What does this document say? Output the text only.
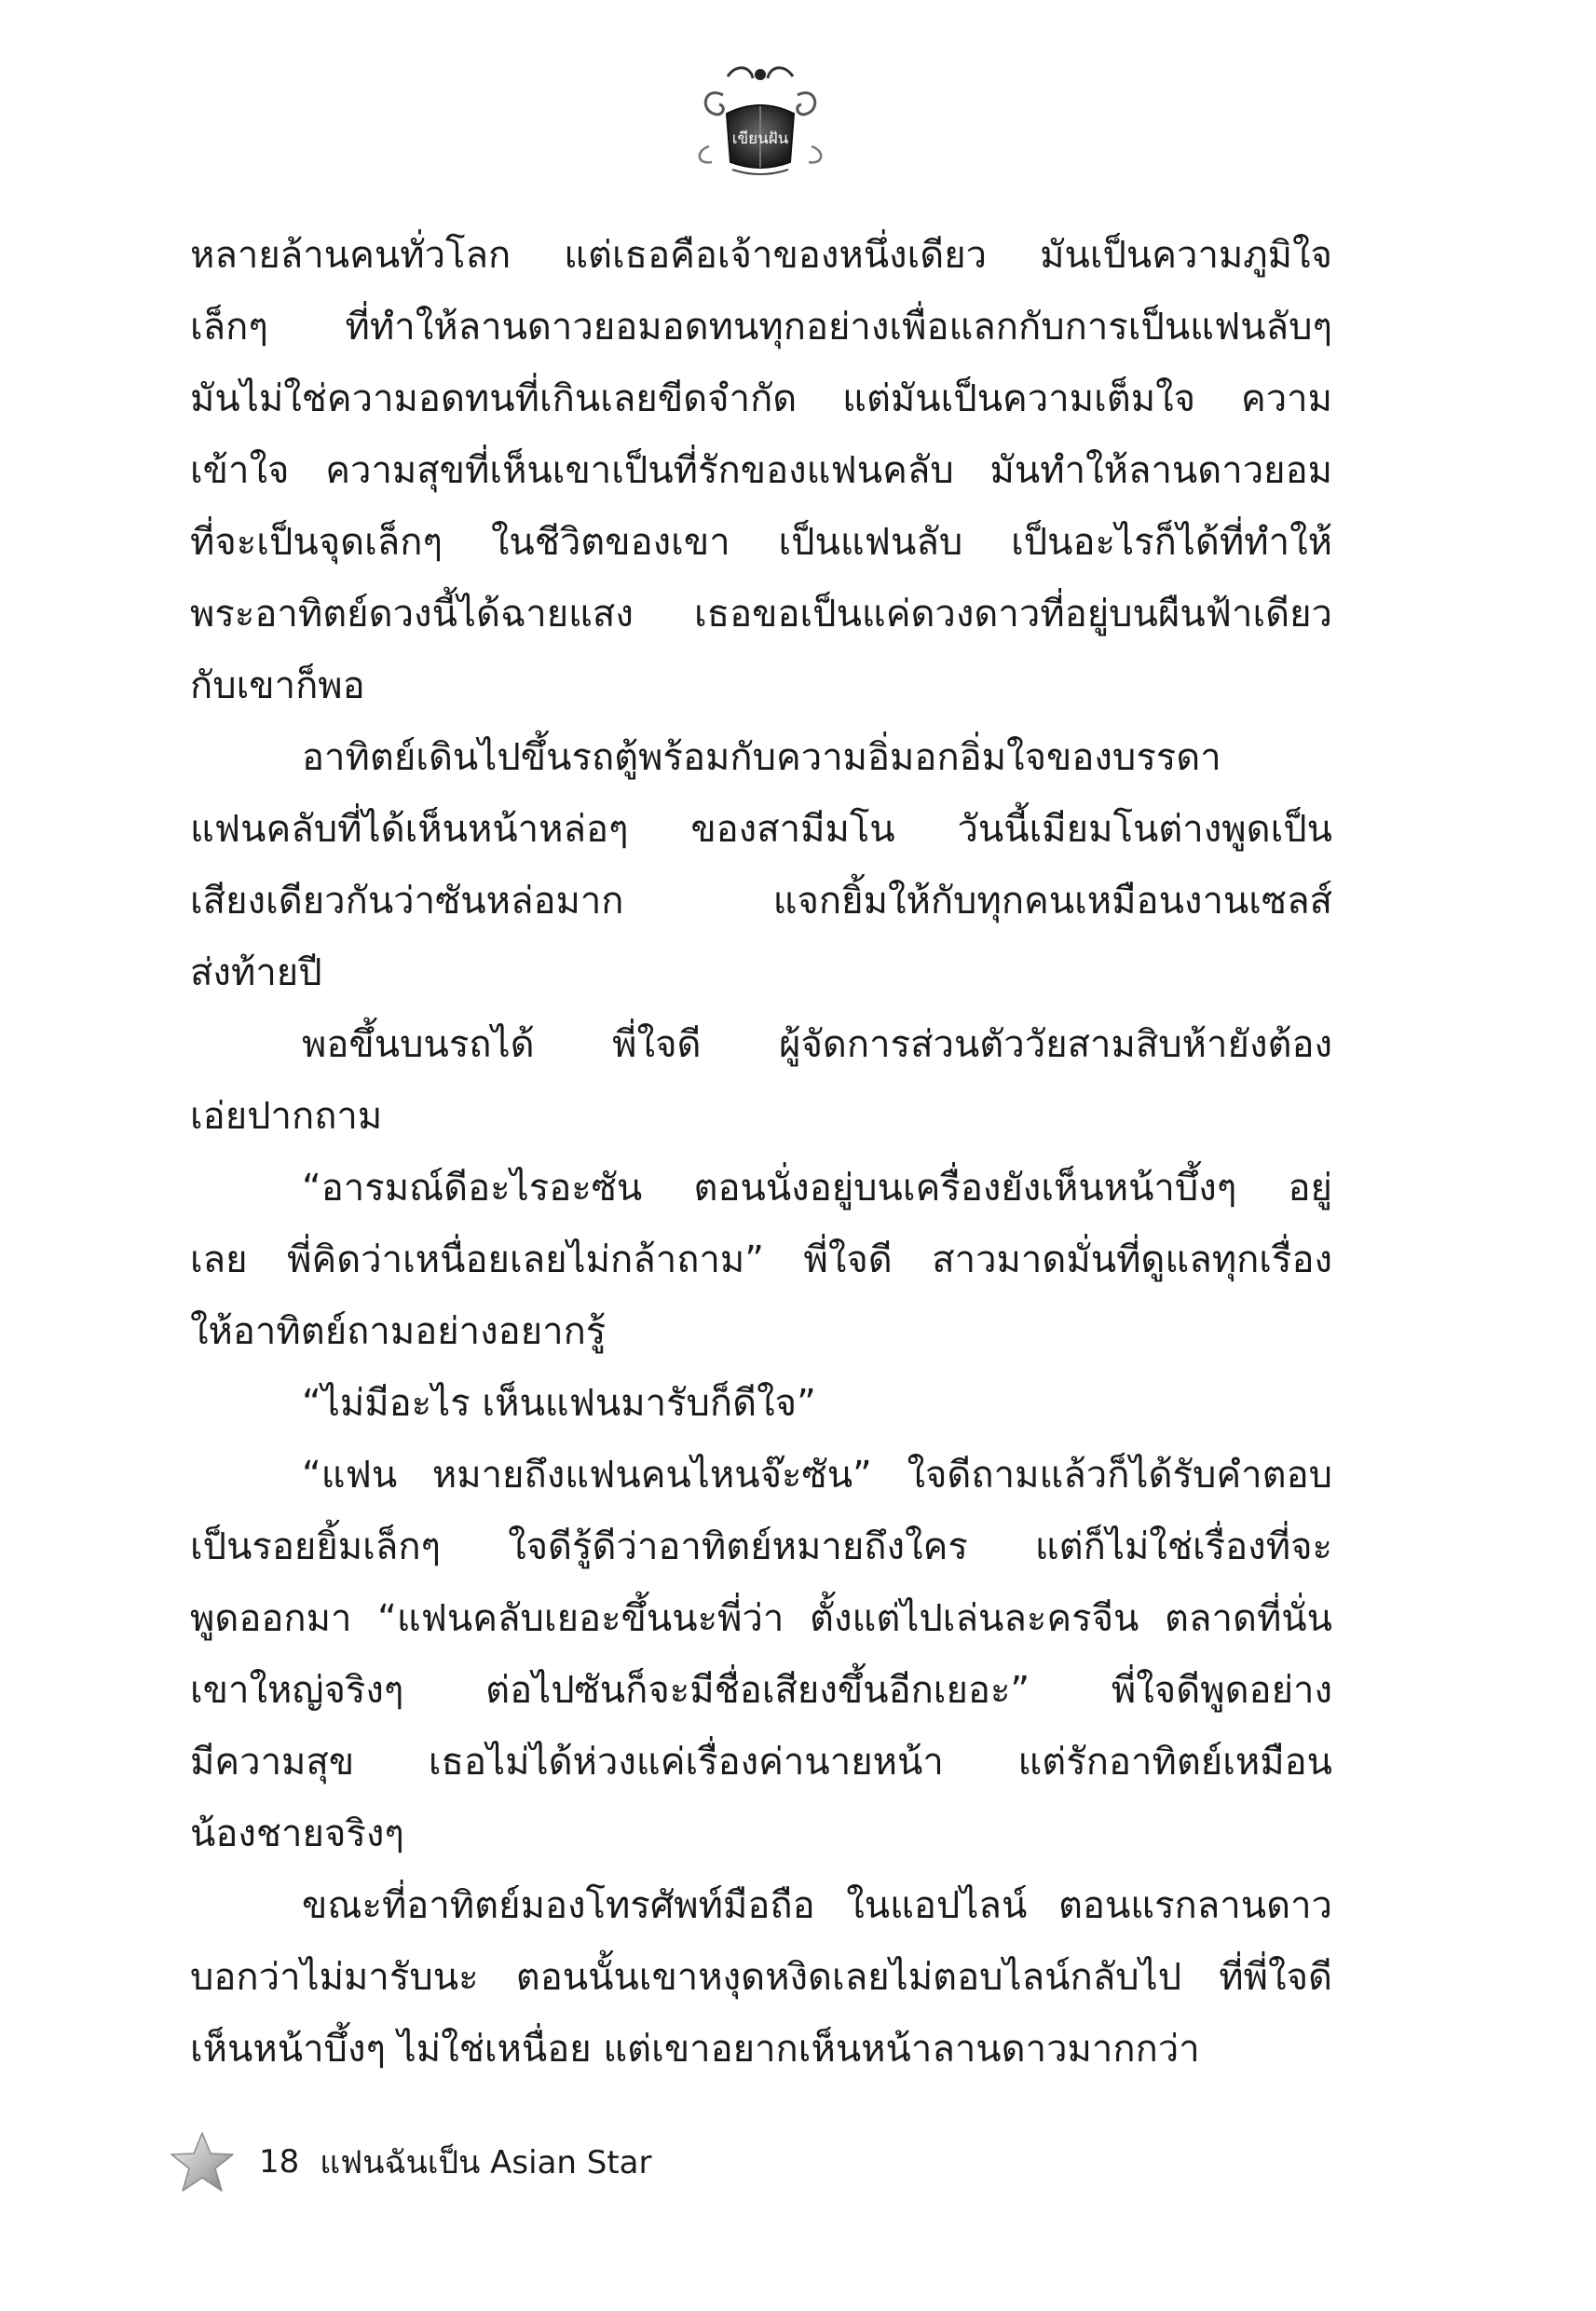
เขียนฝัน
หลายล้านคนทั่วโลก แต่เธอคือเจ้าของหนึ่งเดียว มันเป็นความภูมิใจ
เล็กๆ ที่ทำให้ลานดาวยอมอดทนทุกอย่างเพื่อแลกกับการเป็นแฟนลับๆ
มันไม่ใช่ความอดทนที่เกินเลยขีดจำกัด แต่มันเป็นความเต็มใจ ความ
เข้าใจ ความสุขที่เห็นเขาเป็นที่รักของแฟนคลับ มันทำให้ลานดาวยอม
ที่จะเป็นจุดเล็กๆ ในชีวิตของเขา เป็นแฟนลับ เป็นอะไรก็ได้ที่ทำให้
พระอาทิตย์ดวงนี้ได้ฉายแสง เธอขอเป็นแค่ดวงดาวที่อยู่บนผืนฟ้าเดียว
กับเขาก็พอ
อาทิตย์เดินไปขึ้นรถตู้พร้อมกับความอิ่มอกอิ่มใจของบรรดา
แฟนคลับที่ได้เห็นหน้าหล่อๆ ของสามีมโน วันนี้เมียมโนต่างพูดเป็น
เสียงเดียวกันว่าซันหล่อมาก แจกยิ้มให้กับทุกคนเหมือนงานเซลส์
ส่งท้ายปี
พอขึ้นบนรถได้ พี่ใจดี ผู้จัดการส่วนตัววัยสามสิบห้ายังต้อง
เอ่ยปากถาม
“อารมณ์ดีอะไรอะซัน ตอนนั่งอยู่บนเครื่องยังเห็นหน้าบึ้งๆ อยู่
เลย พี่คิดว่าเหนื่อยเลยไม่กล้าถาม” พี่ใจดี สาวมาดมั่นที่ดูแลทุกเรื่อง
ให้อาทิตย์ถามอย่างอยากรู้
“ไม่มีอะไร เห็นแฟนมารับก็ดีใจ”
“แฟน หมายถึงแฟนคนไหนจ๊ะซัน” ใจดีถามแล้วก็ได้รับคำตอบ
เป็นรอยยิ้มเล็กๆ ใจดีรู้ดีว่าอาทิตย์หมายถึงใคร แต่ก็ไม่ใช่เรื่องที่จะ
พูดออกมา “แฟนคลับเยอะขึ้นนะพี่ว่า ตั้งแต่ไปเล่นละครจีน ตลาดที่นั่น
เขาใหญ่จริงๆ ต่อไปซันก็จะมีชื่อเสียงขึ้นอีกเยอะ” พี่ใจดีพูดอย่าง
มีความสุข เธอไม่ได้ห่วงแค่เรื่องค่านายหน้า แต่รักอาทิตย์เหมือน
น้องชายจริงๆ
ขณะที่อาทิตย์มองโทรศัพท์มือถือ ในแอปไลน์ ตอนแรกลานดาว
บอกว่าไม่มารับนะ ตอนนั้นเขาหงุดหงิดเลยไม่ตอบไลน์กลับไป ที่พี่ใจดี
เห็นหน้าบึ้งๆ ไม่ใช่เหนื่อย แต่เขาอยากเห็นหน้าลานดาวมากกว่า
18 แฟนฉันเป็น Asian Star
